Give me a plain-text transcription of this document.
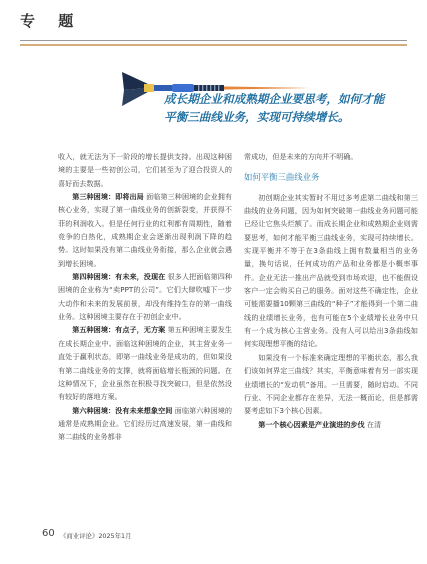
专 题
成长期企业和成熟期企业要思考，如何才能平衡三曲线业务，实现可持续增长。

收入，就无法为下一阶段的增长提供支持。出现这种困境的主要是一些初创公司，它们甚至为了迎合投资人的喜好而去数据。

第三种困境：即将出局 面临第三种困境的企业拥有核心业务，实现了第一曲线业务的创新裂变，并获得不菲的利润收入。但是任何行业的红利都有周期性，随着竞争的白热化，成熟期企业会逐渐出现利润下降的趋势。这时如果没有第二曲线业务衔接，那么企业就会遇到增长困境。

第四种困境：有未来，没现在 很多人把面临第四种困境的企业称为“卖PPT的公司”。它们大肆吹嘘下一步大动作和未来的发展前景，却没有维持生存的第一曲线业务。这种困境主要存在于初创企业中。

第五种困境：有点子，无方案 第五种困境主要发生在成长期企业中。面临这种困境的企业，其主营业务一直处于赢利状态，即第一曲线业务是成功的，但如果没有第二曲线业务的支撑，就将面临增长瓶颈的问题。在这种情况下，企业虽然在积极寻找突破口，但是依然没有较好的落地方案。

第六种困境：没有未来想象空间 面临第六种困境的通常是成熟期企业。它们经历过高速发展，第一曲线和第二曲线的业务都非

常成功，但是未来的方向并不明确。

如何平衡三曲线业务

初创期企业其实暂时不用过多考虑第二曲线和第三曲线的业务问题，因为如何突破第一曲线业务问题可能已经让它焦头烂额了。而成长期企业和成熟期企业则需要思考，如何才能平衡三曲线业务，实现可持续增长。实现平衡并不等于在3条曲线上拥有数量相当的业务量，换句话说，任何成功的产品和业务都是小概率事件。企业无法一推出产品就受到市场欢迎，也不能假设客户一定会购买自己的服务。面对这些不确定性，企业可能需要播10颗第三曲线的“种子”才能得到一个第二曲线的业绩增长业务，也有可能在5个业绩增长业务中只有一个成为核心主营业务。没有人可以给出3条曲线如何实现理想平衡的结论。

如果没有一个标准来确定理想的平衡状态，那么我们该如何界定三曲线？其实，平衡意味着有另一部实现业绩增长的“发动机”备用。一旦需要，随时启动。不同行业、不同企业都存在差异，无法一概而论，但是都需要考虑如下3个核心因素。

第一个核心因素是产业演进的步伐 在清

60 《商业评论》2025年1月
